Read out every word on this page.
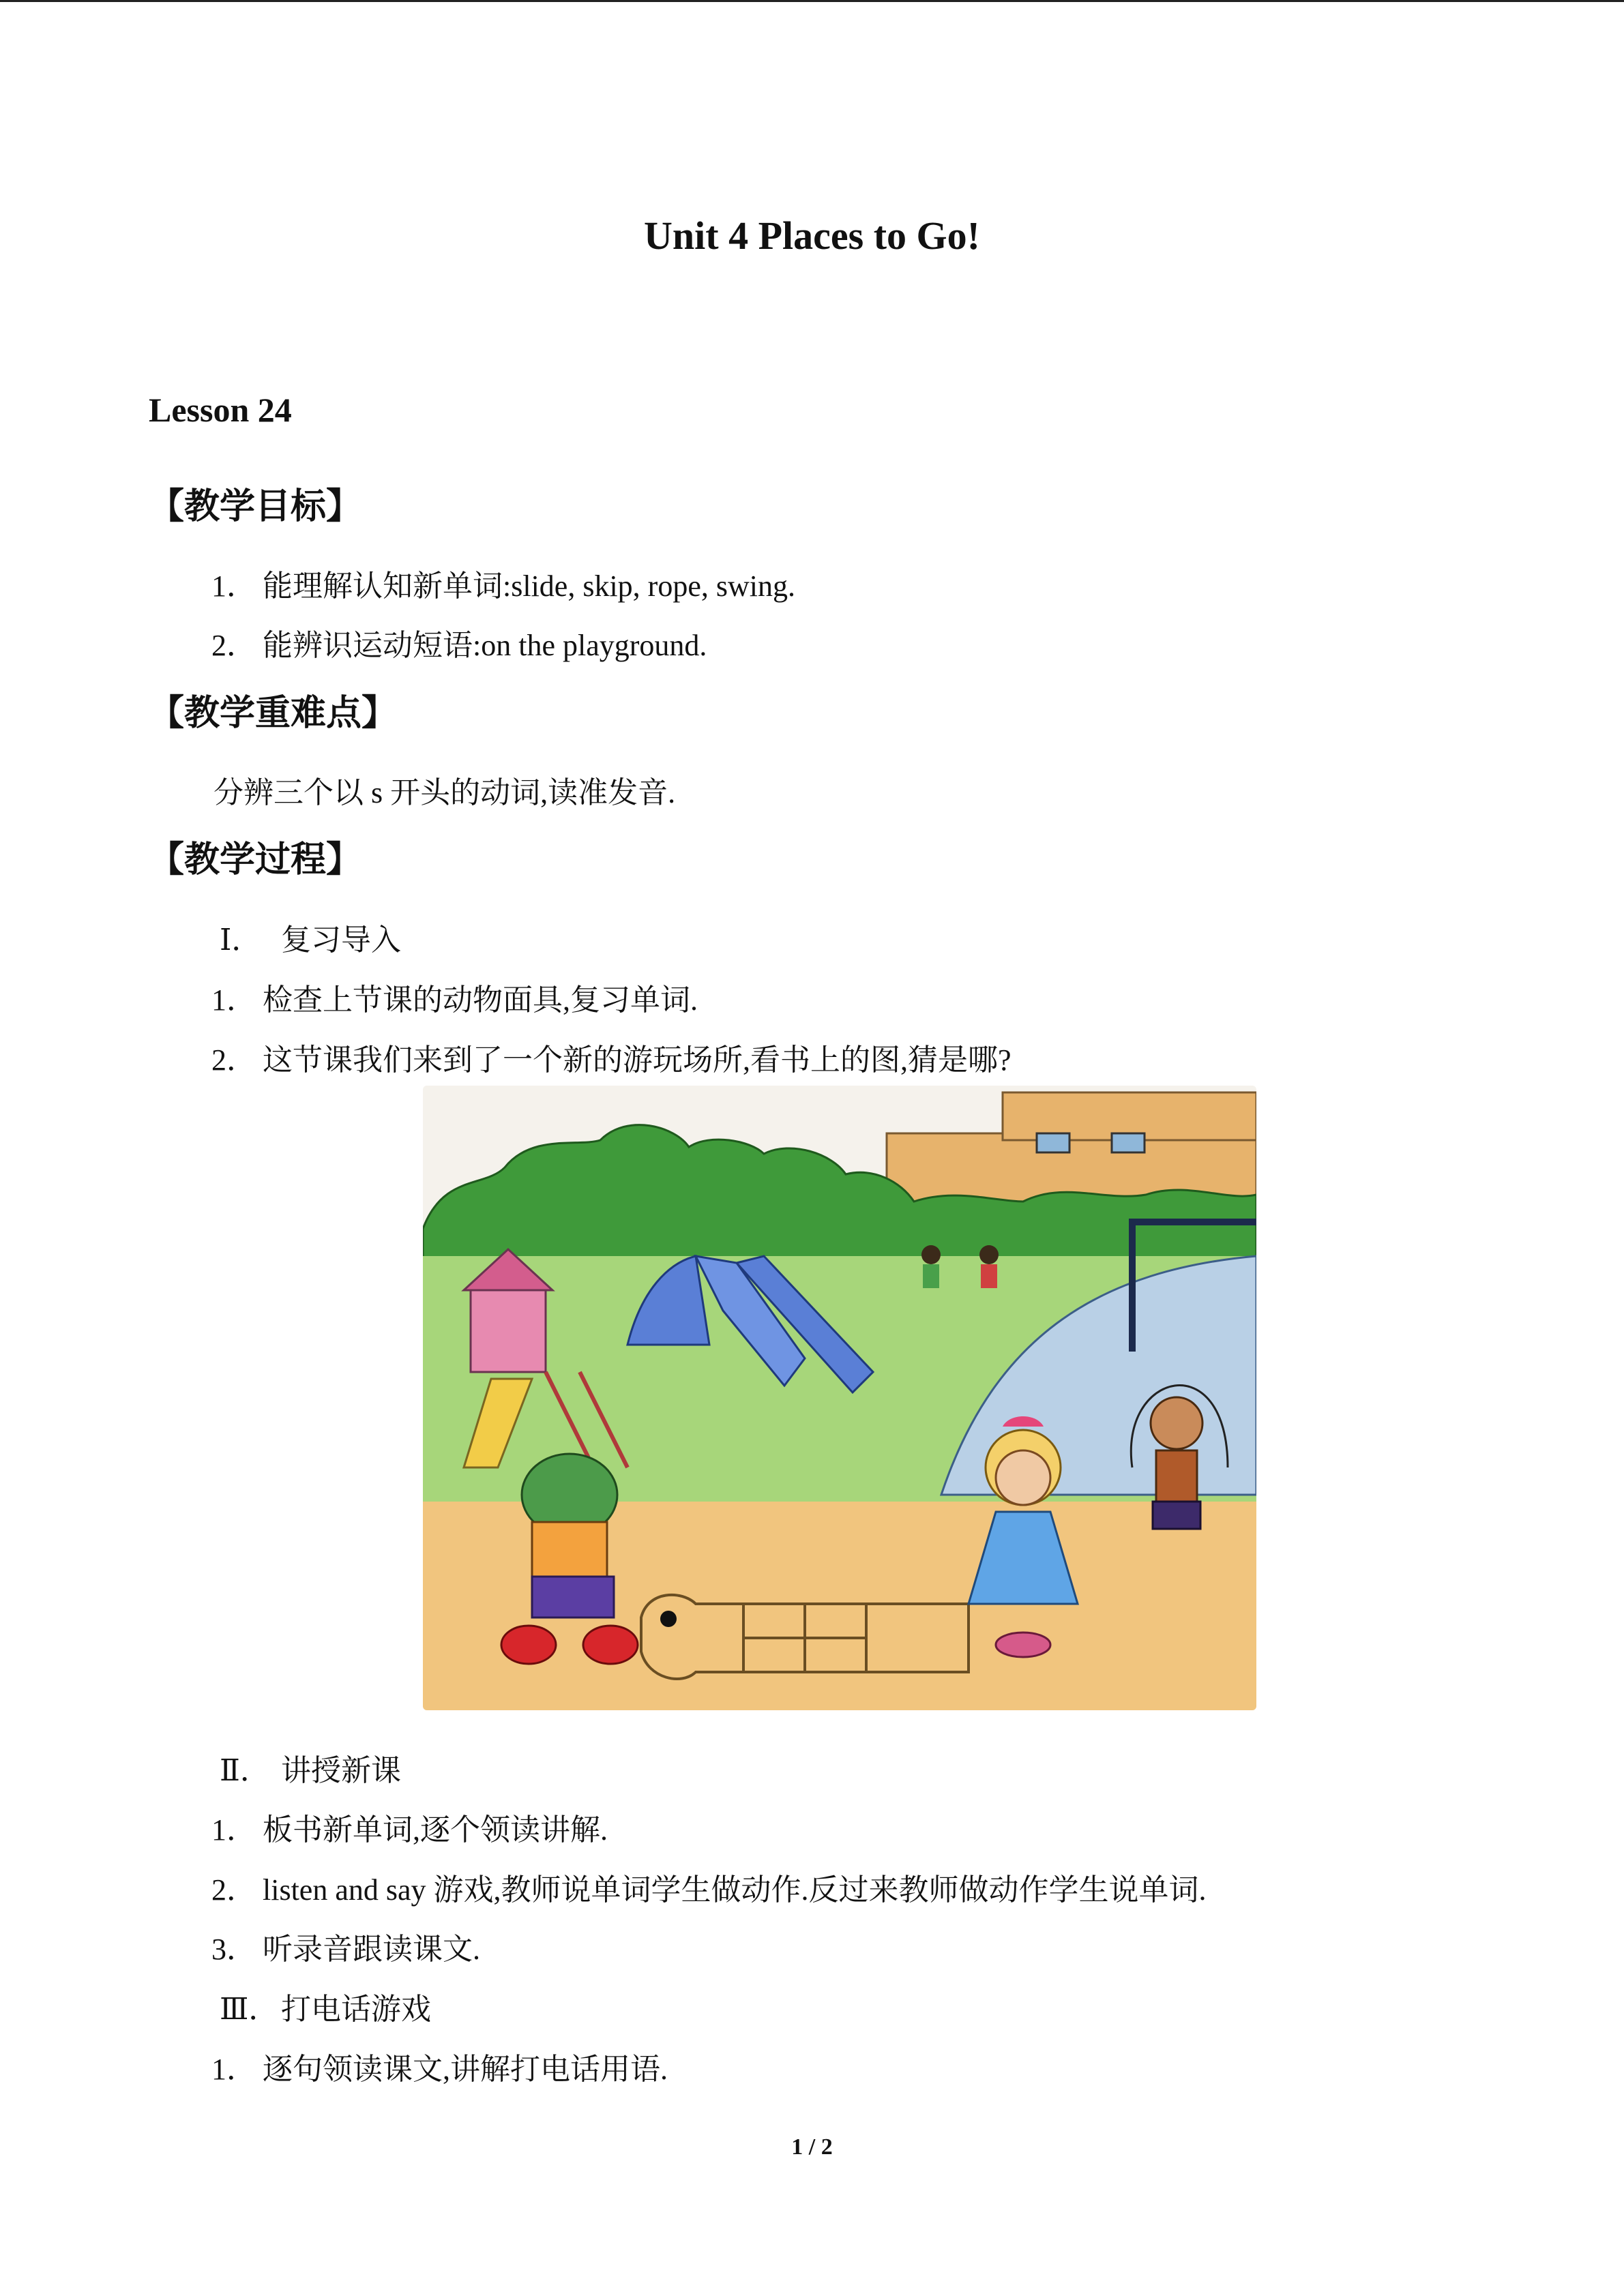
Unit 4 Places to Go!
Lesson 24
【教学目标】
1． 能理解认知新单词:slide, skip, rope, swing.
2． 能辨识运动短语:on the playground.
【教学重难点】
分辨三个以 s 开头的动词,读准发音.
【教学过程】
Ⅰ． 复习导入
1． 检查上节课的动物面具,复习单词.
2． 这节课我们来到了一个新的游玩场所,看书上的图,猜是哪?
Ⅱ． 讲授新课
1． 板书新单词,逐个领读讲解.
2． listen and say 游戏,教师说单词学生做动作.反过来教师做动作学生说单词.
3． 听录音跟读课文.
Ⅲ．打电话游戏
1． 逐句领读课文,讲解打电话用语.
1 / 2
